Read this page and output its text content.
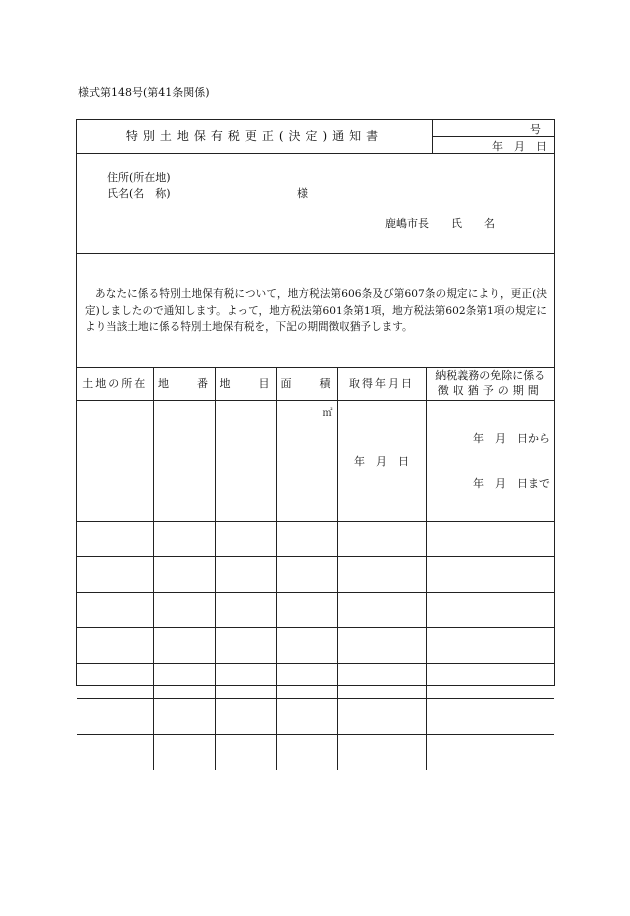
様式第148号(第41条関係)
特別土地保有税更正(決定)通知書	号
年　月　日
住所(所在地)
氏名(名　称)	様
鹿嶋市長　　氏　　名
あなたに係る特別土地保有税について，地方税法第606条及び第607条の規定により，更正(決定)しましたので通知します。よって，地方税法第601条第1項，地方税法第602条第1項の規定により当該土地に係る特別土地保有税を，下記の期間徴収猶予します。
土地の所在	地　　番	地　　目	面　　積	取得年月日	納税義務の免除に係る
徴収猶予の期間

			㎡	年　月　日	年　月　日から

年　月　日まで
